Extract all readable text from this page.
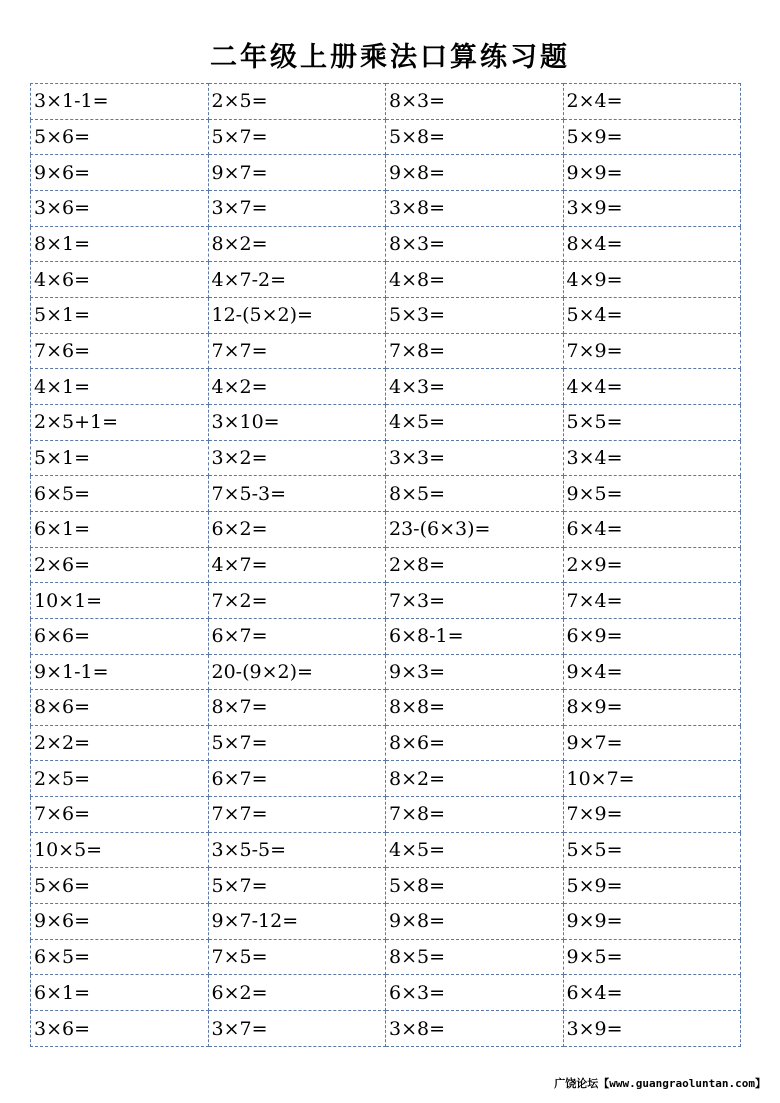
二年级上册乘法口算练习题
3×1-1=	2×5=	8×3=	2×4=
5×6=	5×7=	5×8=	5×9=
9×6=	9×7=	9×8=	9×9=
3×6=	3×7=	3×8=	3×9=
8×1=	8×2=	8×3=	8×4=
4×6=	4×7-2=	4×8=	4×9=
5×1=	12-(5×2)=	5×3=	5×4=
7×6=	7×7=	7×8=	7×9=
4×1=	4×2=	4×3=	4×4=
2×5+1=	3×10=	4×5=	5×5=
5×1=	3×2=	3×3=	3×4=
6×5=	7×5-3=	8×5=	9×5=
6×1=	6×2=	23-(6×3)=	6×4=
2×6=	4×7=	2×8=	2×9=
10×1=	7×2=	7×3=	7×4=
6×6=	6×7=	6×8-1=	6×9=
9×1-1=	20-(9×2)=	9×3=	9×4=
8×6=	8×7=	8×8=	8×9=
2×2=	5×7=	8×6=	9×7=
2×5=	6×7=	8×2=	10×7=
7×6=	7×7=	7×8=	7×9=
10×5=	3×5-5=	4×5=	5×5=
5×6=	5×7=	5×8=	5×9=
9×6=	9×7-12=	9×8=	9×9=
6×5=	7×5=	8×5=	9×5=
6×1=	6×2=	6×3=	6×4=
3×6=	3×7=	3×8=	3×9=
广饶论坛【www.guangraoluntan.com】
